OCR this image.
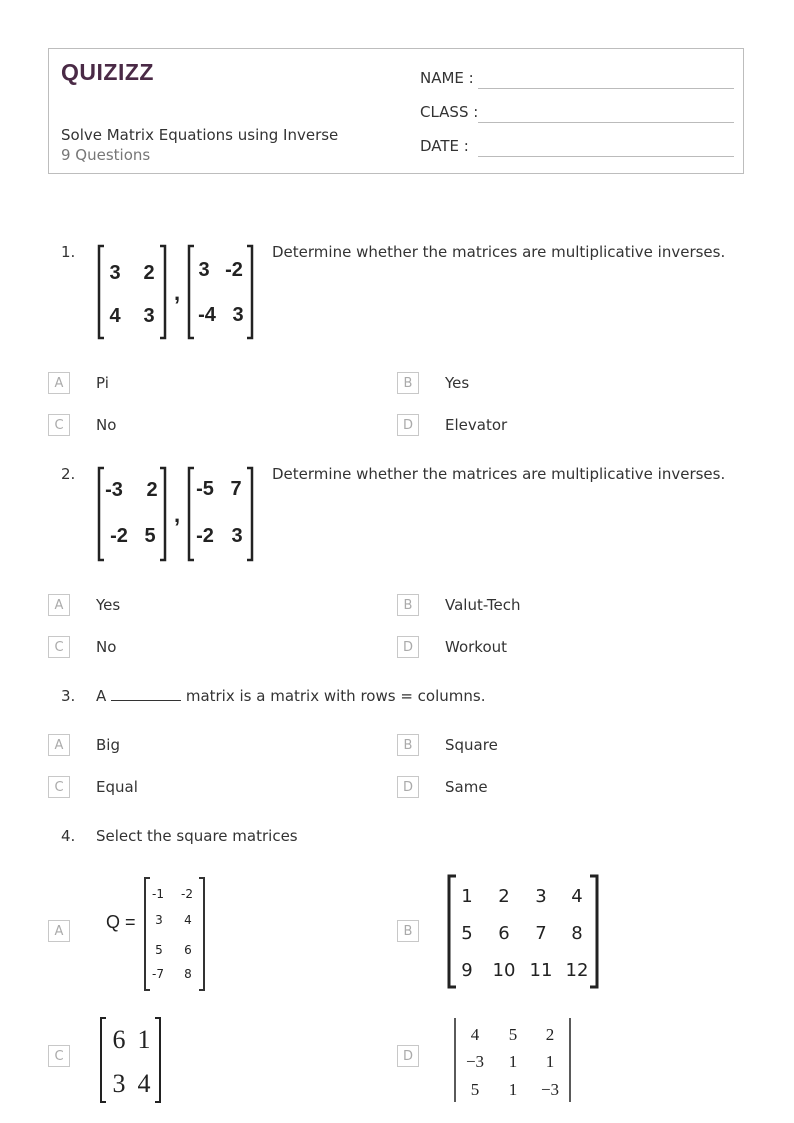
QUIZIZZ
Solve Matrix Equations using Inverse
9 Questions
NAME :
CLASS :
DATE :
1.
3 2
4 3
,
3 -2
-4 3
Determine whether the matrices are multiplicative inverses.
A	Pi	B	Yes
C	No	D	Elevator
2.
-3 2
-2 5
,
-5 7
-2 3
Determine whether the matrices are multiplicative inverses.
A	Yes	B	Valut-Tech
C	No	D	Workout
3. A	matrix is a matrix with rows = columns.
A	Big	B	Square
C	Equal	D	Same
4. Select the square matrices
A	Q =
-1 -2
3 4
5 6
-7 8
B
1 2 3 4
5 6 7 8
9 10 11 12
C
6 1
3 4
D
4 5 2
−3 1 1
5 1 −3
